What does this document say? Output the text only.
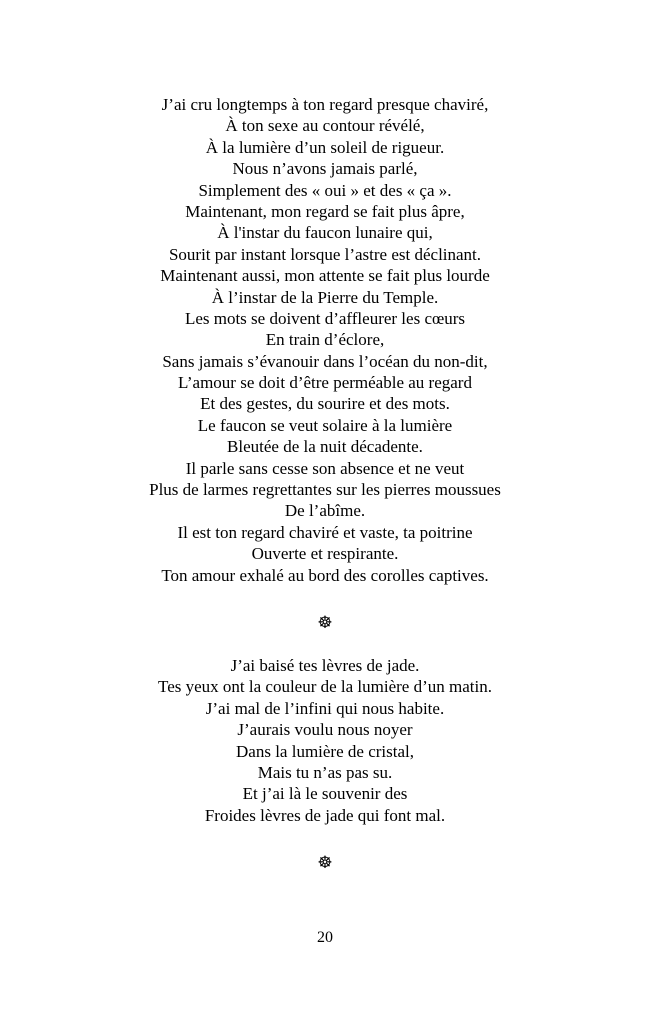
J’ai cru longtemps à ton regard presque chaviré,
À ton sexe au contour révélé,
À la lumière d’un soleil de rigueur.
Nous n’avons jamais parlé,
Simplement des « oui » et des « ça ».
Maintenant, mon regard se fait plus âpre,
À l'instar du faucon lunaire qui,
Sourit par instant lorsque l’astre est déclinant.
Maintenant aussi, mon attente se fait plus lourde
À l’instar de la Pierre du Temple.
Les mots se doivent d’affleurer les cœurs
En train d’éclore,
Sans jamais s’évanouir dans l’océan du non-dit,
L’amour se doit d’être perméable au regard
Et des gestes, du sourire et des mots.
Le faucon se veut solaire à la lumière
Bleutée de la nuit décadente.
Il parle sans cesse son absence et ne veut
Plus de larmes regrettantes sur les pierres moussues
De l’abîme.
Il est ton regard chaviré et vaste, ta poitrine
Ouverte et respirante.
Ton amour exhalé au bord des corolles captives.
☸
J’ai baisé tes lèvres de jade.
Tes yeux ont la couleur de la lumière d’un matin.
J’ai mal de l’infini qui nous habite.
J’aurais voulu nous noyer
Dans la lumière de cristal,
Mais tu n’as pas su.
Et j’ai là le souvenir des
Froides lèvres de jade qui font mal.
☸
20
